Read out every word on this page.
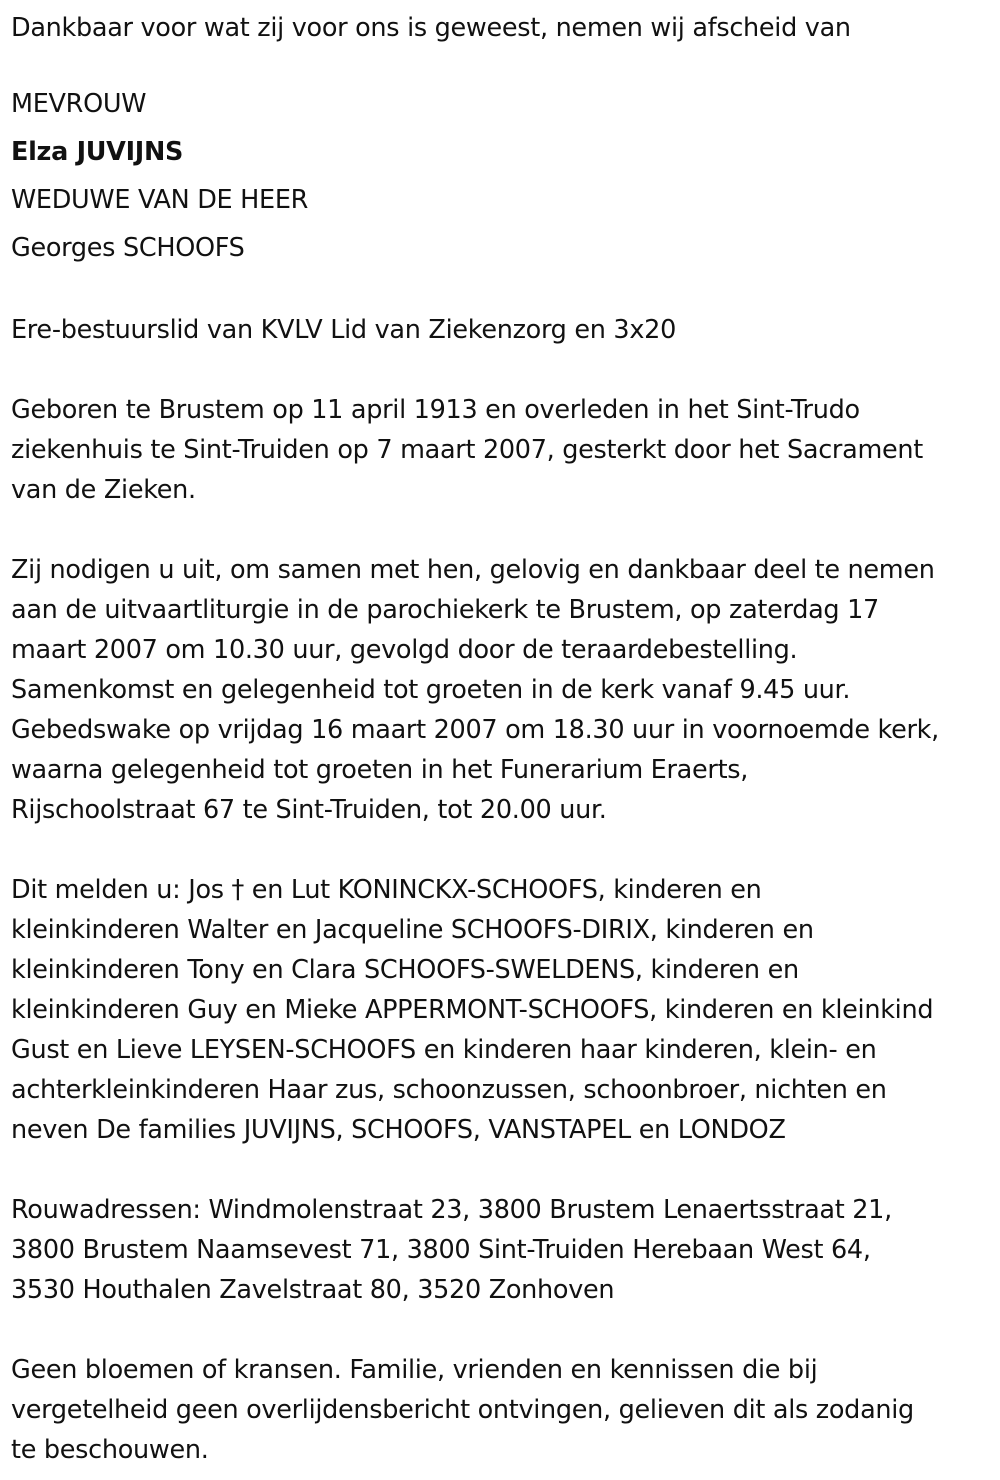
Dankbaar voor wat zij voor ons is geweest, nemen wij afscheid van
MEVROUW
Elza JUVIJNS
WEDUWE VAN DE HEER
Georges SCHOOFS
Ere-bestuurslid van KVLV Lid van Ziekenzorg en 3x20
Geboren te Brustem op 11 april 1913 en overleden in het Sint-Trudo
ziekenhuis te Sint-Truiden op 7 maart 2007, gesterkt door het Sacrament
van de Zieken.
Zij nodigen u uit, om samen met hen, gelovig en dankbaar deel te nemen
aan de uitvaartliturgie in de parochiekerk te Brustem, op zaterdag 17
maart 2007 om 10.30 uur, gevolgd door de teraardebestelling.
Samenkomst en gelegenheid tot groeten in de kerk vanaf 9.45 uur.
Gebedswake op vrijdag 16 maart 2007 om 18.30 uur in voornoemde kerk,
waarna gelegenheid tot groeten in het Funerarium Eraerts,
Rijschoolstraat 67 te Sint-Truiden, tot 20.00 uur.
Dit melden u: Jos † en Lut KONINCKX-SCHOOFS, kinderen en
kleinkinderen Walter en Jacqueline SCHOOFS-DIRIX, kinderen en
kleinkinderen Tony en Clara SCHOOFS-SWELDENS, kinderen en
kleinkinderen Guy en Mieke APPERMONT-SCHOOFS, kinderen en kleinkind
Gust en Lieve LEYSEN-SCHOOFS en kinderen haar kinderen, klein- en
achterkleinkinderen Haar zus, schoonzussen, schoonbroer, nichten en
neven De families JUVIJNS, SCHOOFS, VANSTAPEL en LONDOZ
Rouwadressen: Windmolenstraat 23, 3800 Brustem Lenaertsstraat 21,
3800 Brustem Naamsevest 71, 3800 Sint-Truiden Herebaan West 64,
3530 Houthalen Zavelstraat 80, 3520 Zonhoven
Geen bloemen of kransen. Familie, vrienden en kennissen die bij
vergetelheid geen overlijdensbericht ontvingen, gelieven dit als zodanig
te beschouwen.
